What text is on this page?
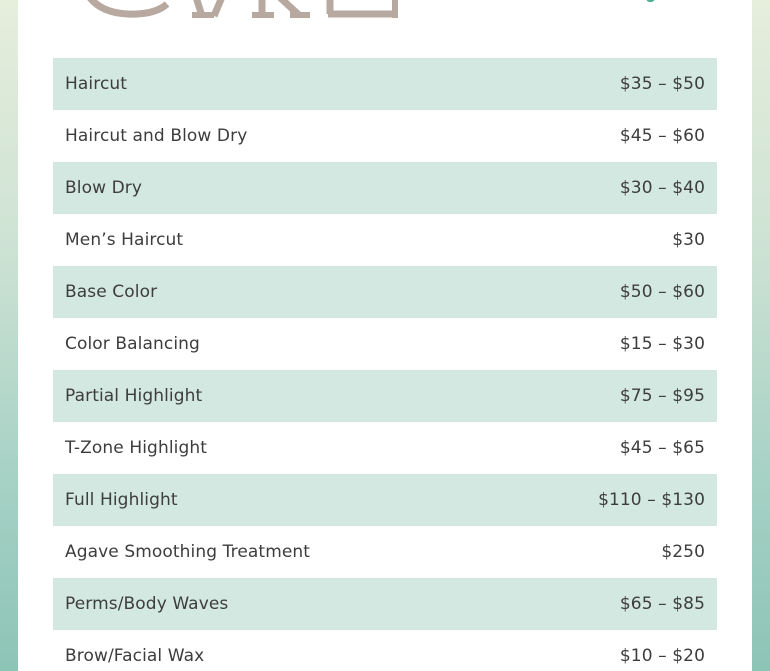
Haircut	$35 – $50
Haircut and Blow Dry	$45 – $60
Blow Dry	$30 – $40
Men’s Haircut	$30
Base Color	$50 – $60
Color Balancing	$15 – $30
Partial Highlight	$75 – $95
T-Zone Highlight	$45 – $65
Full Highlight	$110 – $130
Agave Smoothing Treatment	$250
Perms/Body Waves	$65 – $85
Brow/Facial Wax	$10 – $20
